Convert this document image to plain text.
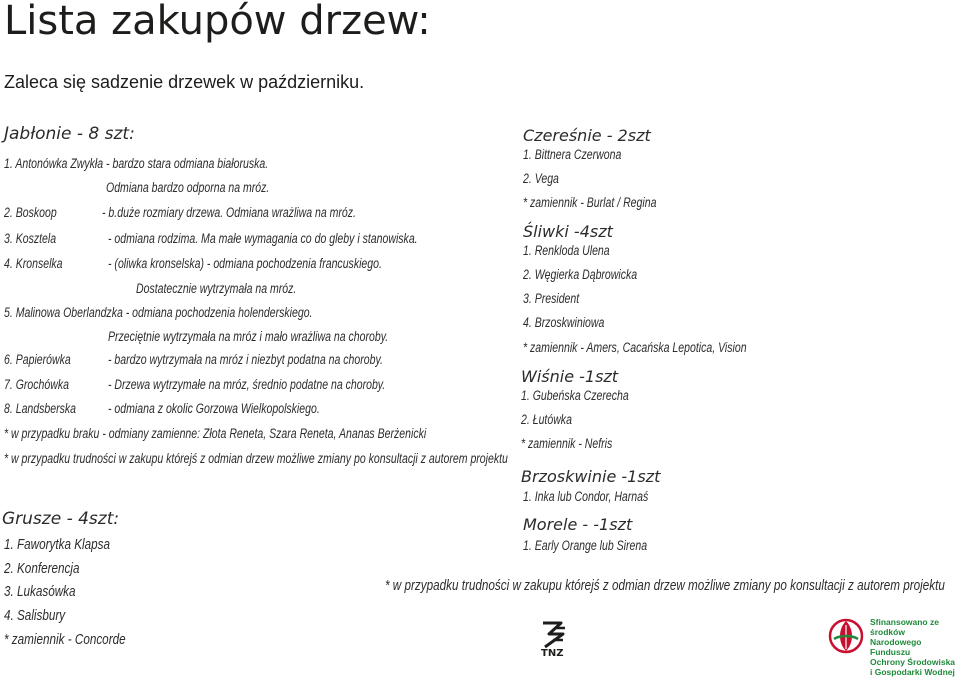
Lista zakupów drzew:
Zaleca się sadzenie drzewek w październiku.
Jabłonie - 8 szt:
1. Antonówka Zwykła - bardzo stara odmiana białoruska.
Odmiana bardzo odporna na mróz.
2. Boskoop	- b.duże rozmiary drzewa. Odmiana wrażliwa na mróz.
3. Kosztela	- odmiana rodzima. Ma małe wymagania co do gleby i stanowiska.
4. Kronselka	- (oliwka kronselska) - odmiana pochodzenia francuskiego.
Dostatecznie wytrzymała na mróz.
5. Malinowa Oberlandzka - odmiana pochodzenia holenderskiego.
Przeciętnie wytrzymała na mróz i mało wrażliwa na choroby.
6. Papierówka	- bardzo wytrzymała na mróz i niezbyt podatna na choroby.
7. Grochówka	- Drzewa wytrzymałe na mróz, średnio podatne na choroby.
8. Landsberska - odmiana z okolic Gorzowa Wielkopolskiego.
* w przypadku braku - odmiany zamienne: Złota Reneta, Szara Reneta, Ananas Berżenicki
* w przypadku trudności w zakupu którejś z odmian drzew możliwe zmiany po konsultacji z autorem projektu
Grusze - 4szt:
1. Faworytka Klapsa
2. Konferencja
3. Lukasówka
4. Salisbury
* zamiennik - Concorde
Czereśnie - 2szt
1. Bittnera Czerwona
2. Vega
* zamiennik - Burlat / Regina
Śliwki -4szt
1. Renkloda Ulena
2. Węgierka Dąbrowicka
3. President
4. Brzoskwiniowa
* zamiennik - Amers, Cacańska Lepotica, Vision
Wiśnie -1szt
1. Gubeńska Czerecha
2. Łutówka
* zamiennik - Nefris
Brzoskwinie -1szt
1. Inka lub Condor, Harnaś
Morele - -1szt
1. Early Orange lub Sirena
* w przypadku trudności w zakupu którejś z odmian drzew możliwe zmiany po konsultacji z autorem projektu
TNZ
Sfinansowano ze środków
Narodowego Funduszu
Ochrony Środowiska
i Gospodarki Wodnej
